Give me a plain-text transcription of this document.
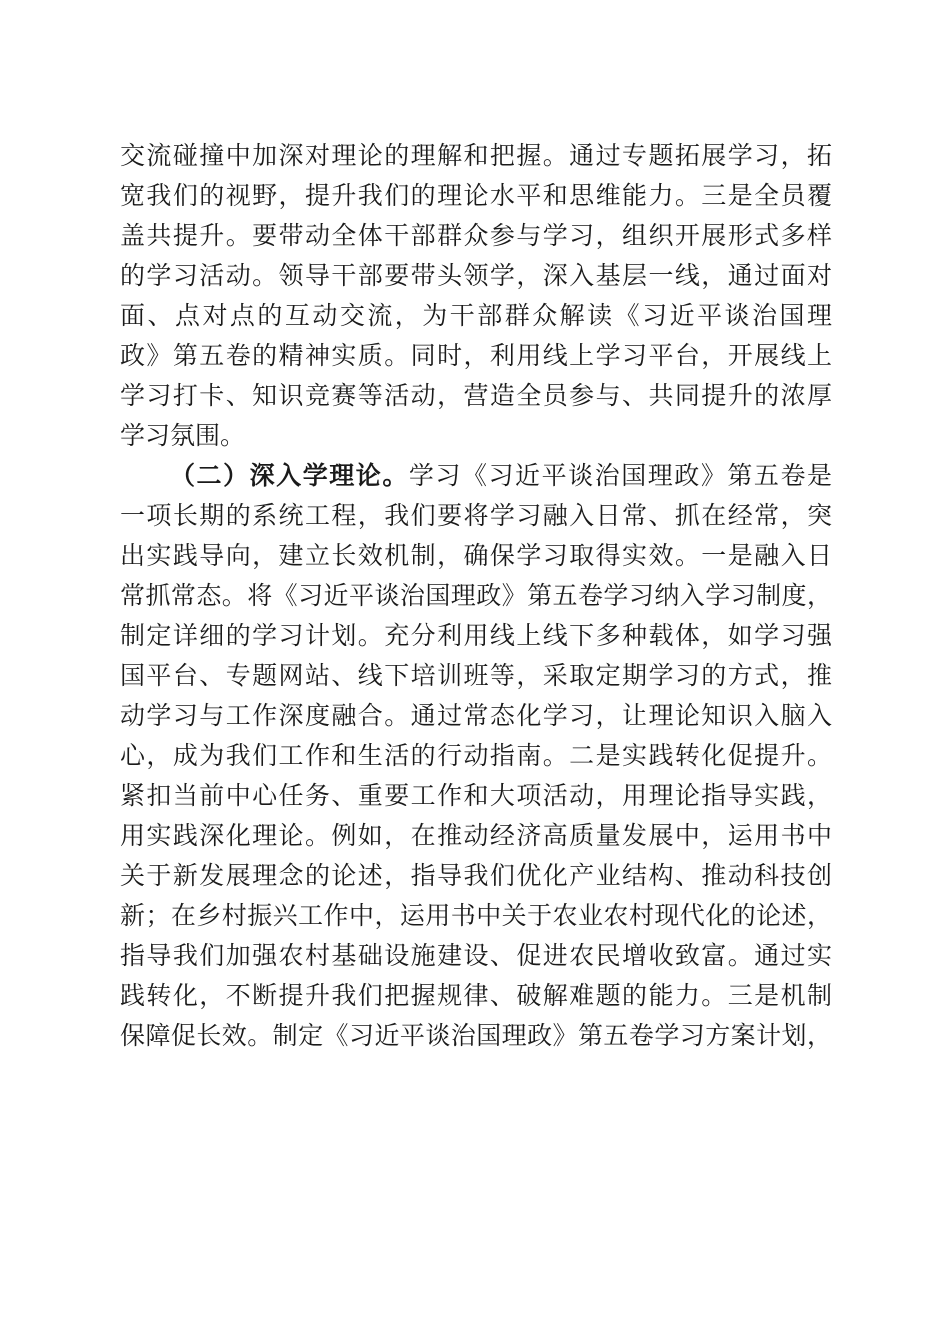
交流碰撞中加深对理论的理解和把握。通过专题拓展学习，拓
宽我们的视野，提升我们的理论水平和思维能力。三是全员覆
盖共提升。要带动全体干部群众参与学习，组织开展形式多样
的学习活动。领导干部要带头领学，深入基层一线，通过面对
面、点对点的互动交流，为干部群众解读《习近平谈治国理
政》第五卷的精神实质。同时，利用线上学习平台，开展线上
学习打卡、知识竞赛等活动，营造全员参与、共同提升的浓厚
学习氛围。
（二）深入学理论。学习《习近平谈治国理政》第五卷是
一项长期的系统工程，我们要将学习融入日常、抓在经常，突
出实践导向，建立长效机制，确保学习取得实效。一是融入日
常抓常态。将《习近平谈治国理政》第五卷学习纳入学习制度，
制定详细的学习计划。充分利用线上线下多种载体，如学习强
国平台、专题网站、线下培训班等，采取定期学习的方式，推
动学习与工作深度融合。通过常态化学习，让理论知识入脑入
心，成为我们工作和生活的行动指南。二是实践转化促提升。
紧扣当前中心任务、重要工作和大项活动，用理论指导实践，
用实践深化理论。例如，在推动经济高质量发展中，运用书中
关于新发展理念的论述，指导我们优化产业结构、推动科技创
新；在乡村振兴工作中，运用书中关于农业农村现代化的论述，
指导我们加强农村基础设施建设、促进农民增收致富。通过实
践转化，不断提升我们把握规律、破解难题的能力。三是机制
保障促长效。制定《习近平谈治国理政》第五卷学习方案计划，
